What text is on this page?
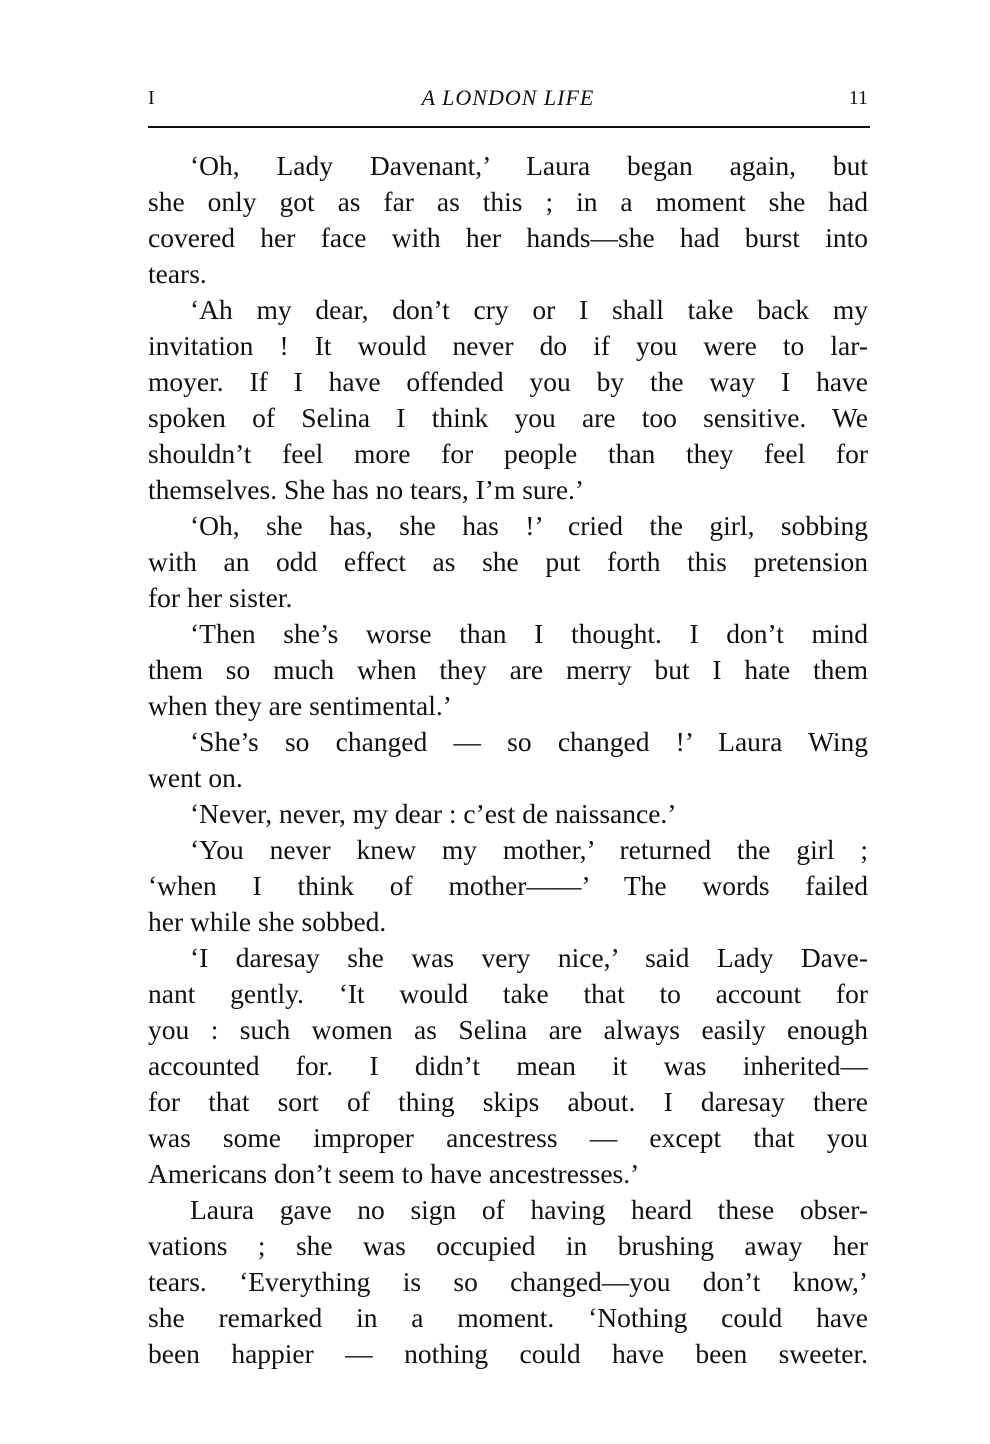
I	A LONDON LIFE	11
‘Oh, Lady Davenant,’ Laura began again, but
she only got as far as this ; in a moment she had
covered her face with her hands—she had burst into
tears.
‘Ah my dear, don’t cry or I shall take back my
invitation ! It would never do if you were to lar-
moyer. If I have offended you by the way I have
spoken of Selina I think you are too sensitive. We
shouldn’t feel more for people than they feel for
themselves. She has no tears, I’m sure.’
‘Oh, she has, she has !’ cried the girl, sobbing
with an odd effect as she put forth this pretension
for her sister.
‘Then she’s worse than I thought. I don’t mind
them so much when they are merry but I hate them
when they are sentimental.’
‘She’s so changed — so changed !’ Laura Wing
went on.
‘Never, never, my dear : c’est de naissance.’
‘You never knew my mother,’ returned the girl ;
‘when I think of mother——’ The words failed
her while she sobbed.
‘I daresay she was very nice,’ said Lady Dave-
nant gently. ‘It would take that to account for
you : such women as Selina are always easily enough
accounted for. I didn’t mean it was inherited—
for that sort of thing skips about. I daresay there
was some improper ancestress — except that you
Americans don’t seem to have ancestresses.’
Laura gave no sign of having heard these obser-
vations ; she was occupied in brushing away her
tears. ‘Everything is so changed—you don’t know,’
she remarked in a moment. ‘Nothing could have
been happier — nothing could have been sweeter.
